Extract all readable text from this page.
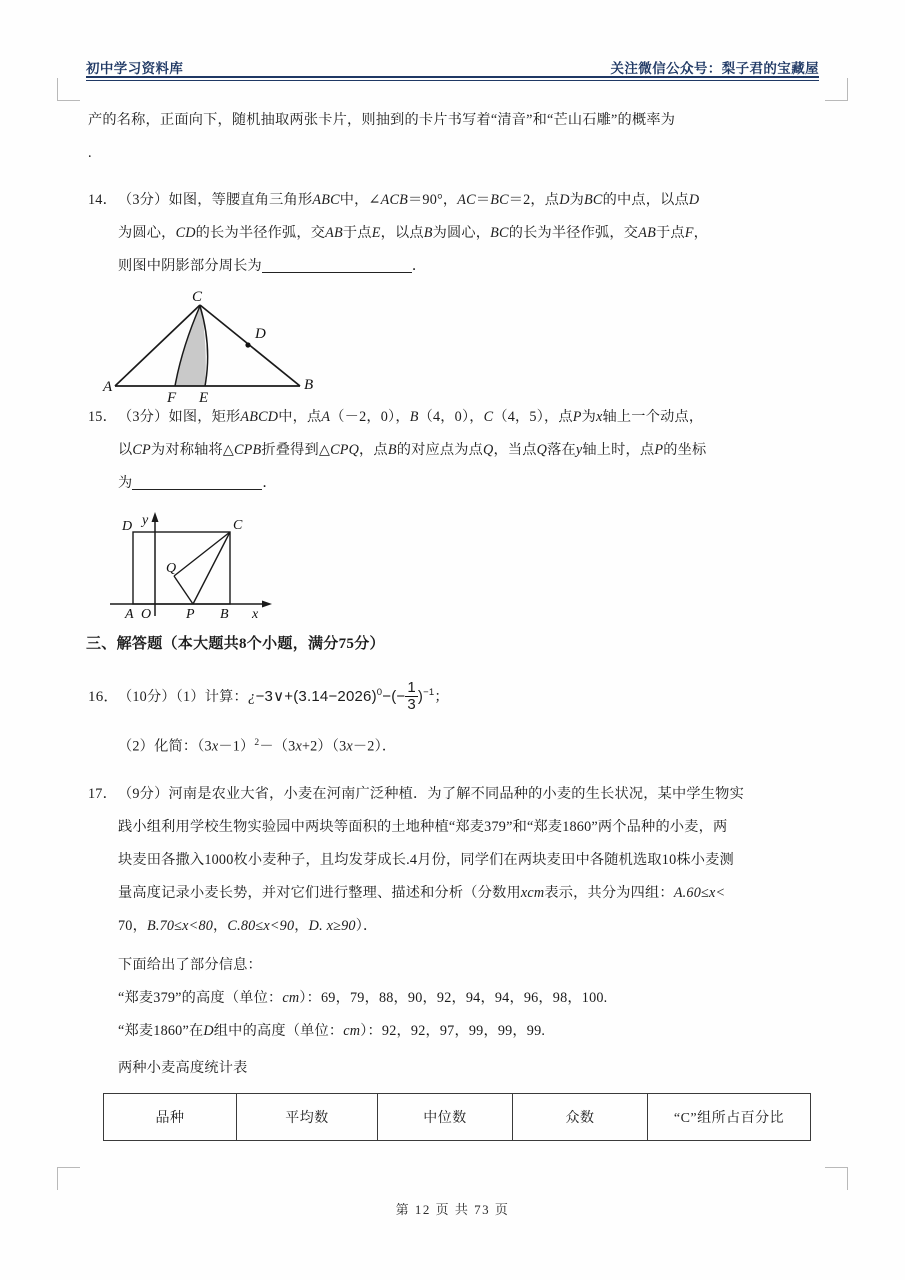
初中学习资料库	关注微信公众号：梨子君的宝藏屋
产的名称，正面向下，随机抽取两张卡片，则抽到的卡片书写着“清音”和“芒山石雕”的概率为
.
14．（3分）如图，等腰直角三角形ABC中，∠ACB＝90°，AC＝BC＝2，点D为BC的中点，以点D
为圆心，CD的长为半径作弧，交AB于点E，以点B为圆心，BC的长为半径作弧，交AB于点F，
则图中阴影部分周长为	．
15．（3分）如图，矩形ABCD中，点A（－2，0），B（4，0），C（4，5），点P为x轴上一个动点，
以CP为对称轴将△CPB折叠得到△CPQ，点B的对应点为点Q，当点Q落在y轴上时，点P的坐标
为	．
三、解答题（本大题共8个小题，满分75分）
16．（10分）（1）计算：¿$-3\vee+(3.14-2026)^0-(- \frac{1}{3} )^{-1}$；
（2）化简：$(3x-1)^2-(3x+2)(3x-2)$．
17．（9分）河南是农业大省，小麦在河南广泛种植．为了解不同品种的小麦的生长状况，某中学生物实
践小组利用学校生物实验园中两块等面积的土地种植“郑麦379”和“郑麦1860”两个品种的小麦，两
块麦田各撒入1000枚小麦种子，且均发芽成长.4月份，同学们在两块麦田中各随机选取10株小麦测
量高度记录小麦长势，并对它们进行整理、描述和分析（分数用xcm表示，共分为四组：A.60≤x<
70，B.70≤x<80，C.80≤x<90，D. x≥90）．
下面给出了部分信息：
“郑麦379”的高度（单位：cm）：69，79，88，90，92，94，94，96，98，100.
“郑麦1860”在D组中的高度（单位：cm）：92，92，97，99，99，99.
两种小麦高度统计表
品种	平均数	中位数	众数	“C”组所占百分比
A	B
C
D
E
F
A	B
C
D
O P
Q
x
y
第 12 页 共 73 页
